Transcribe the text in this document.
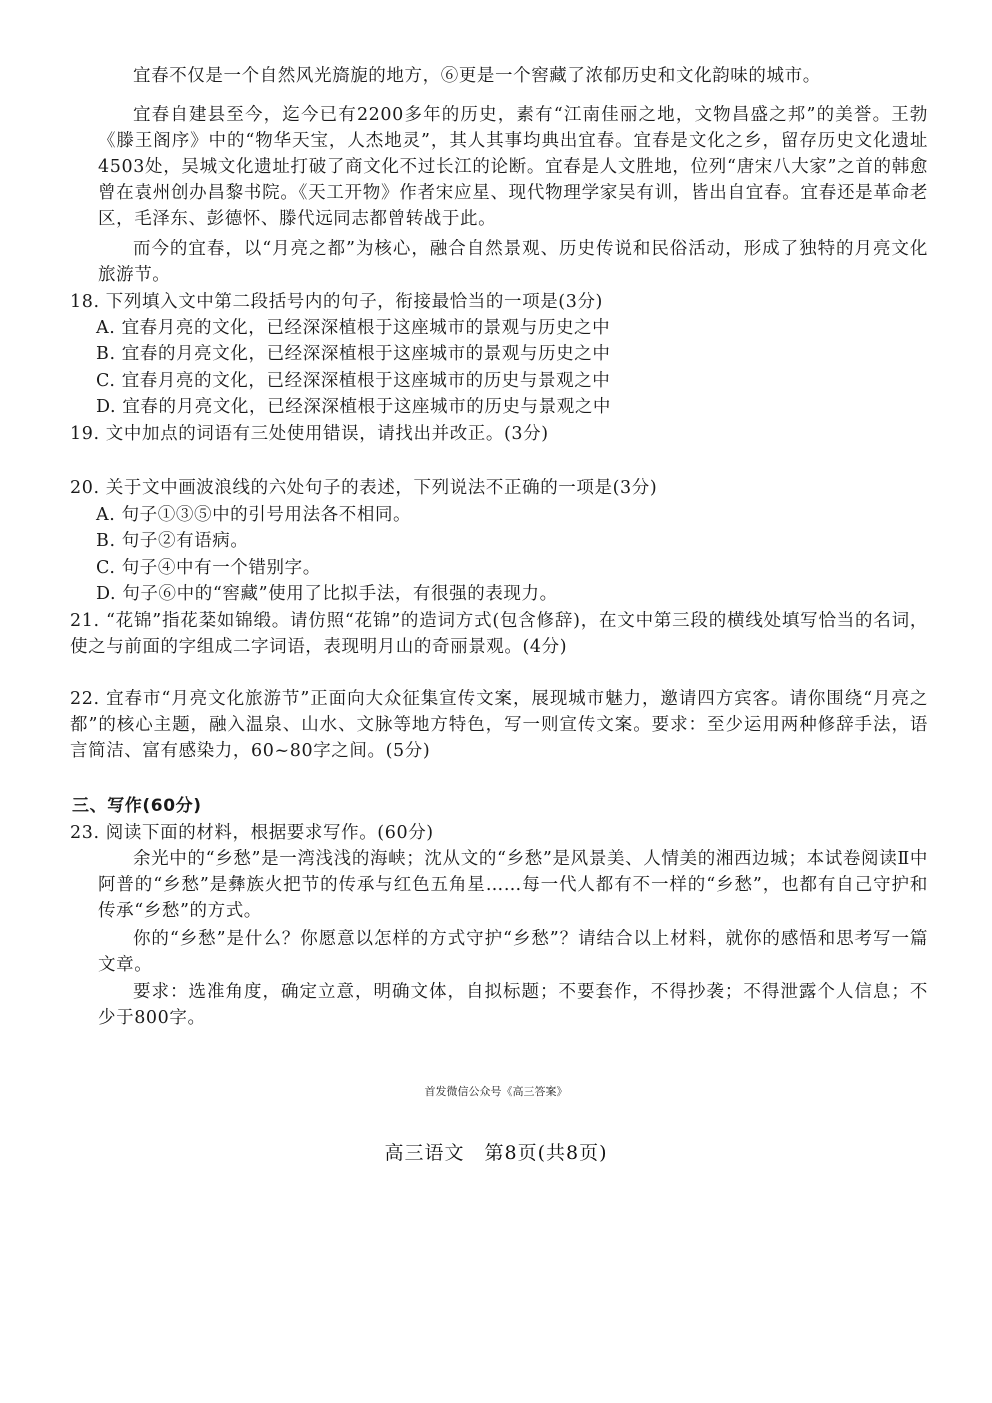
宜春不仅是一个自然风光旖旎的地方，⑥更是一个窖藏了浓郁历史和文化韵味的城市。
宜春自建县至今，迄今已有2200多年的历史，素有“江南佳丽之地，文物昌盛之邦”的美誉。王勃《滕王阁序》中的“物华天宝，人杰地灵”，其人其事均典出宜春。宜春是文化之乡，留存历史文化遗址4503处，吴城文化遗址打破了商文化不过长江的论断。宜春是人文胜地，位列“唐宋八大家”之首的韩愈曾在袁州创办昌黎书院。《天工开物》作者宋应星、现代物理学家吴有训，皆出自宜春。宜春还是革命老区，毛泽东、彭德怀、滕代远同志都曾转战于此。
而今的宜春，以“月亮之都”为核心，融合自然景观、历史传说和民俗活动，形成了独特的月亮文化旅游节。
18. 下列填入文中第二段括号内的句子，衔接最恰当的一项是(3分)
A. 宜春月亮的文化，已经深深植根于这座城市的景观与历史之中
B. 宜春的月亮文化，已经深深植根于这座城市的景观与历史之中
C. 宜春月亮的文化，已经深深植根于这座城市的历史与景观之中
D. 宜春的月亮文化，已经深深植根于这座城市的历史与景观之中
19. 文中加点的词语有三处使用错误，请找出并改正。(3分)
20. 关于文中画波浪线的六处句子的表述，下列说法不正确的一项是(3分)
A. 句子①③⑤中的引号用法各不相同。
B. 句子②有语病。
C. 句子④中有一个错别字。
D. 句子⑥中的“窖藏”使用了比拟手法，有很强的表现力。
21. “花锦”指花棻如锦缎。请仿照“花锦”的造词方式(包含修辞)，在文中第三段的横线处填写恰当的名词，使之与前面的字组成二字词语，表现明月山的奇丽景观。(4分)
22. 宜春市“月亮文化旅游节”正面向大众征集宣传文案，展现城市魅力，邀请四方宾客。请你围绕“月亮之都”的核心主题，融入温泉、山水、文脉等地方特色，写一则宣传文案。要求：至少运用两种修辞手法，语言简洁、富有感染力，60~80字之间。(5分)
三、写作(60分)
23. 阅读下面的材料，根据要求写作。(60分)
余光中的“乡愁”是一湾浅浅的海峡；沈从文的“乡愁”是风景美、人情美的湘西边城；本试卷阅读Ⅱ中阿普的“乡愁”是彝族火把节的传承与红色五角星……每一代人都有不一样的“乡愁”，也都有自己守护和传承“乡愁”的方式。
你的“乡愁”是什么？你愿意以怎样的方式守护“乡愁”？请结合以上材料，就你的感悟和思考写一篇文章。
要求：选准角度，确定立意，明确文体，自拟标题；不要套作，不得抄袭；不得泄露个人信息；不少于800字。
首发微信公众号《高三答案》
高三语文　第8页(共8页)
